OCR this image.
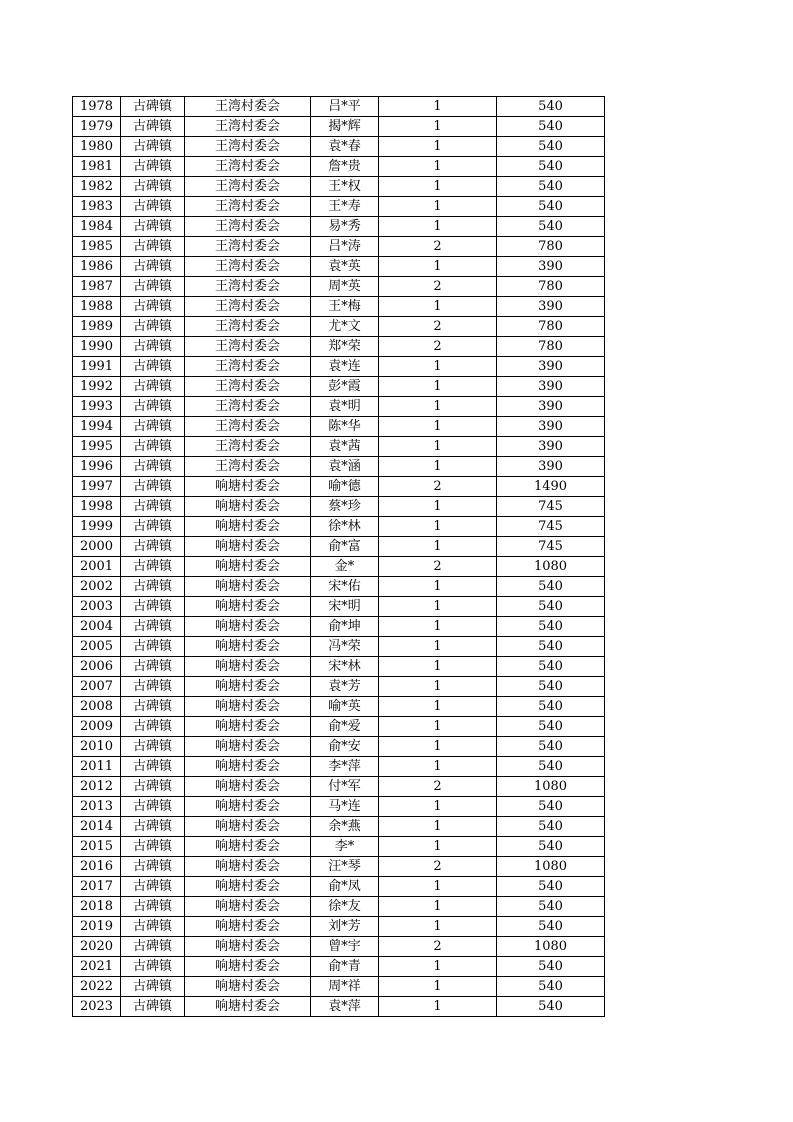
1978	古碑镇	王湾村委会	吕*平	1	540
1979	古碑镇	王湾村委会	揭*辉	1	540
1980	古碑镇	王湾村委会	袁*春	1	540
1981	古碑镇	王湾村委会	詹*贵	1	540
1982	古碑镇	王湾村委会	王*权	1	540
1983	古碑镇	王湾村委会	王*寿	1	540
1984	古碑镇	王湾村委会	易*秀	1	540
1985	古碑镇	王湾村委会	吕*涛	2	780
1986	古碑镇	王湾村委会	袁*英	1	390
1987	古碑镇	王湾村委会	周*英	2	780
1988	古碑镇	王湾村委会	王*梅	1	390
1989	古碑镇	王湾村委会	尤*文	2	780
1990	古碑镇	王湾村委会	郑*荣	2	780
1991	古碑镇	王湾村委会	袁*连	1	390
1992	古碑镇	王湾村委会	彭*霞	1	390
1993	古碑镇	王湾村委会	袁*明	1	390
1994	古碑镇	王湾村委会	陈*华	1	390
1995	古碑镇	王湾村委会	袁*茜	1	390
1996	古碑镇	王湾村委会	袁*涵	1	390
1997	古碑镇	响塘村委会	喻*德	2	1490
1998	古碑镇	响塘村委会	蔡*珍	1	745
1999	古碑镇	响塘村委会	徐*林	1	745
2000	古碑镇	响塘村委会	俞*富	1	745
2001	古碑镇	响塘村委会	金*	2	1080
2002	古碑镇	响塘村委会	宋*佑	1	540
2003	古碑镇	响塘村委会	宋*明	1	540
2004	古碑镇	响塘村委会	俞*坤	1	540
2005	古碑镇	响塘村委会	冯*荣	1	540
2006	古碑镇	响塘村委会	宋*林	1	540
2007	古碑镇	响塘村委会	袁*芳	1	540
2008	古碑镇	响塘村委会	喻*英	1	540
2009	古碑镇	响塘村委会	俞*爱	1	540
2010	古碑镇	响塘村委会	俞*安	1	540
2011	古碑镇	响塘村委会	李*萍	1	540
2012	古碑镇	响塘村委会	付*军	2	1080
2013	古碑镇	响塘村委会	马*连	1	540
2014	古碑镇	响塘村委会	余*燕	1	540
2015	古碑镇	响塘村委会	李*	1	540
2016	古碑镇	响塘村委会	汪*琴	2	1080
2017	古碑镇	响塘村委会	俞*凤	1	540
2018	古碑镇	响塘村委会	徐*友	1	540
2019	古碑镇	响塘村委会	刘*芳	1	540
2020	古碑镇	响塘村委会	曾*宇	2	1080
2021	古碑镇	响塘村委会	俞*青	1	540
2022	古碑镇	响塘村委会	周*祥	1	540
2023	古碑镇	响塘村委会	袁*萍	1	540
